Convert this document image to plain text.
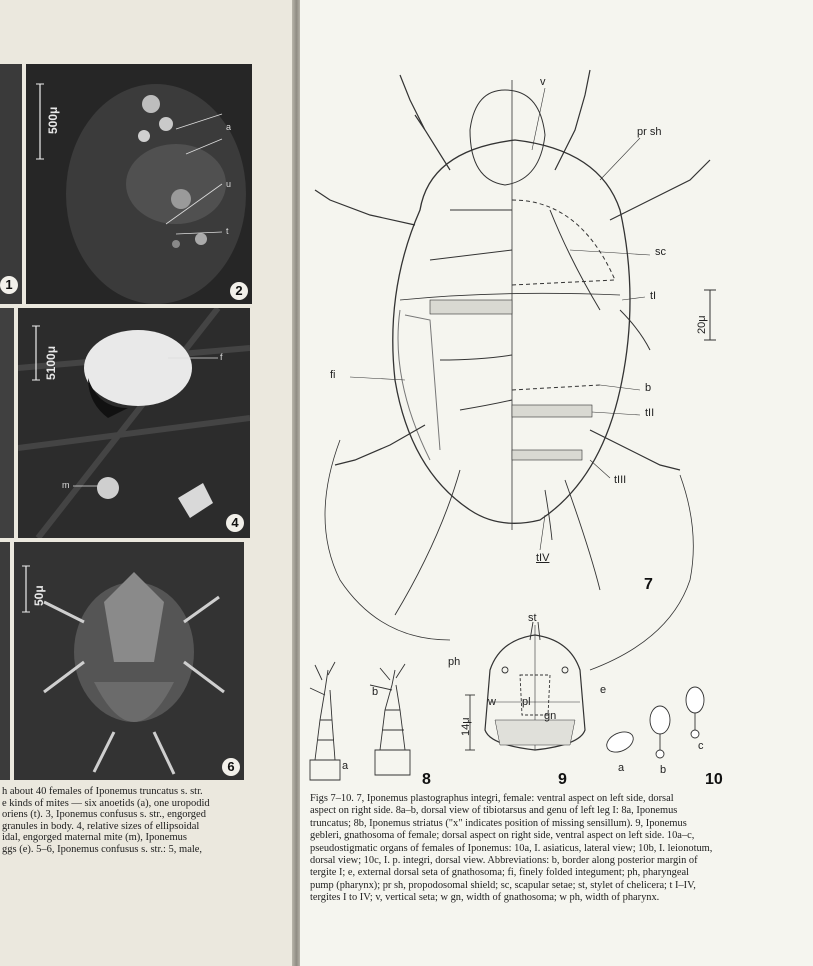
1
500μ	a
u
t
2
5100μ	f
m
4
50μ
6
h about 40 females of Iponemus truncatus s. str.
e kinds of mites — six anoetids (a), one uropodid
oriens (t). 3, Iponemus confusus s. str., engorged
granules in body. 4, relative sizes of ellipsoidal
idal, engorged maternal mite (m), Iponemus
ggs (e). 5–6, Iponemus confusus s. str.: 5, male,
v
pr sh
sc
tI
20μ
fi
b
tII
tIII
tIV
7
a
b
8
st
ph
e
w pl
gn
14μ
9
a	b
c
10
Figs 7–10. 7, Iponemus plastographus integri, female: ventral aspect on left side, dorsal
aspect on right side. 8a–b, dorsal view of tibiotarsus and genu of left leg I: 8a, Iponemus
truncatus; 8b, Iponemus striatus ("x" indicates position of missing sensillum). 9, Iponemus
gebleri, gnathosoma of female; dorsal aspect on right side, ventral aspect on left side. 10a–c,
pseudostigmatic organs of females of Iponemus: 10a, I. asiaticus, lateral view; 10b, I. leionotum,
dorsal view; 10c, I. p. integri, dorsal view. Abbreviations: b, border along posterior margin of
tergite I; e, external dorsal seta of gnathosoma; fi, finely folded integument; ph, pharyngeal
pump (pharynx); pr sh, propodosomal shield; sc, scapular setae; st, stylet of chelicera; t I–IV,
tergites I to IV; v, vertical seta; w gn, width of gnathosoma; w ph, width of pharynx.
